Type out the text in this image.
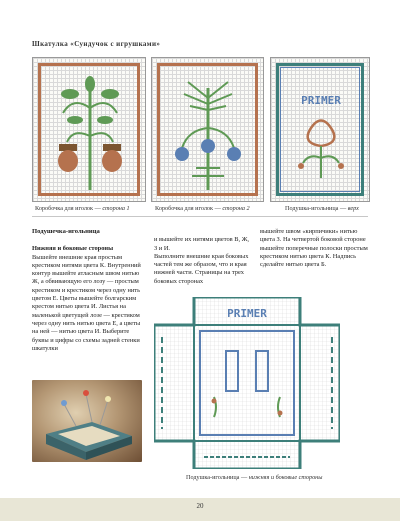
Шкатулка «Сундучок с игрушками»
Коробочка для иголок — сторона 1	Коробочка для иголок — сторона 2
PRIMER
Подушка-игольница — верх
Подушечка-игольница
Нижняя и боковые стороны

Вышейте внешние края простым крестиком нитями цвета К. Внутренний контур вышейте атласным швом нитью Ж, а обвивающую его лозу — простым крестиком и крестиком через одну нить цветом Е. Цветы вышейте болгарским крестом нитью цвета И. Листья на маленькой цветущей лозе — крестиком через одну нить нитью цвета Е, а цветы на ней — нитью цвета И. Выберите буквы и цифры со схемы задней стенки шкатулки

и вышейте их нитями цветов В, Ж, З и И.
Выполните внешние края боковых частей тем же образом, что и края нижней части. Страницы на трех боковых сторонах

вышейте швом «кирпичики» нитью цвета З. На четвертой боковой стороне вышейте поперечные полоски простым крестиком нитью цвета К. Надпись сделайте нитью цвета Б.

PRIMER
Подушка-игольница — нижняя и боковые стороны
20
